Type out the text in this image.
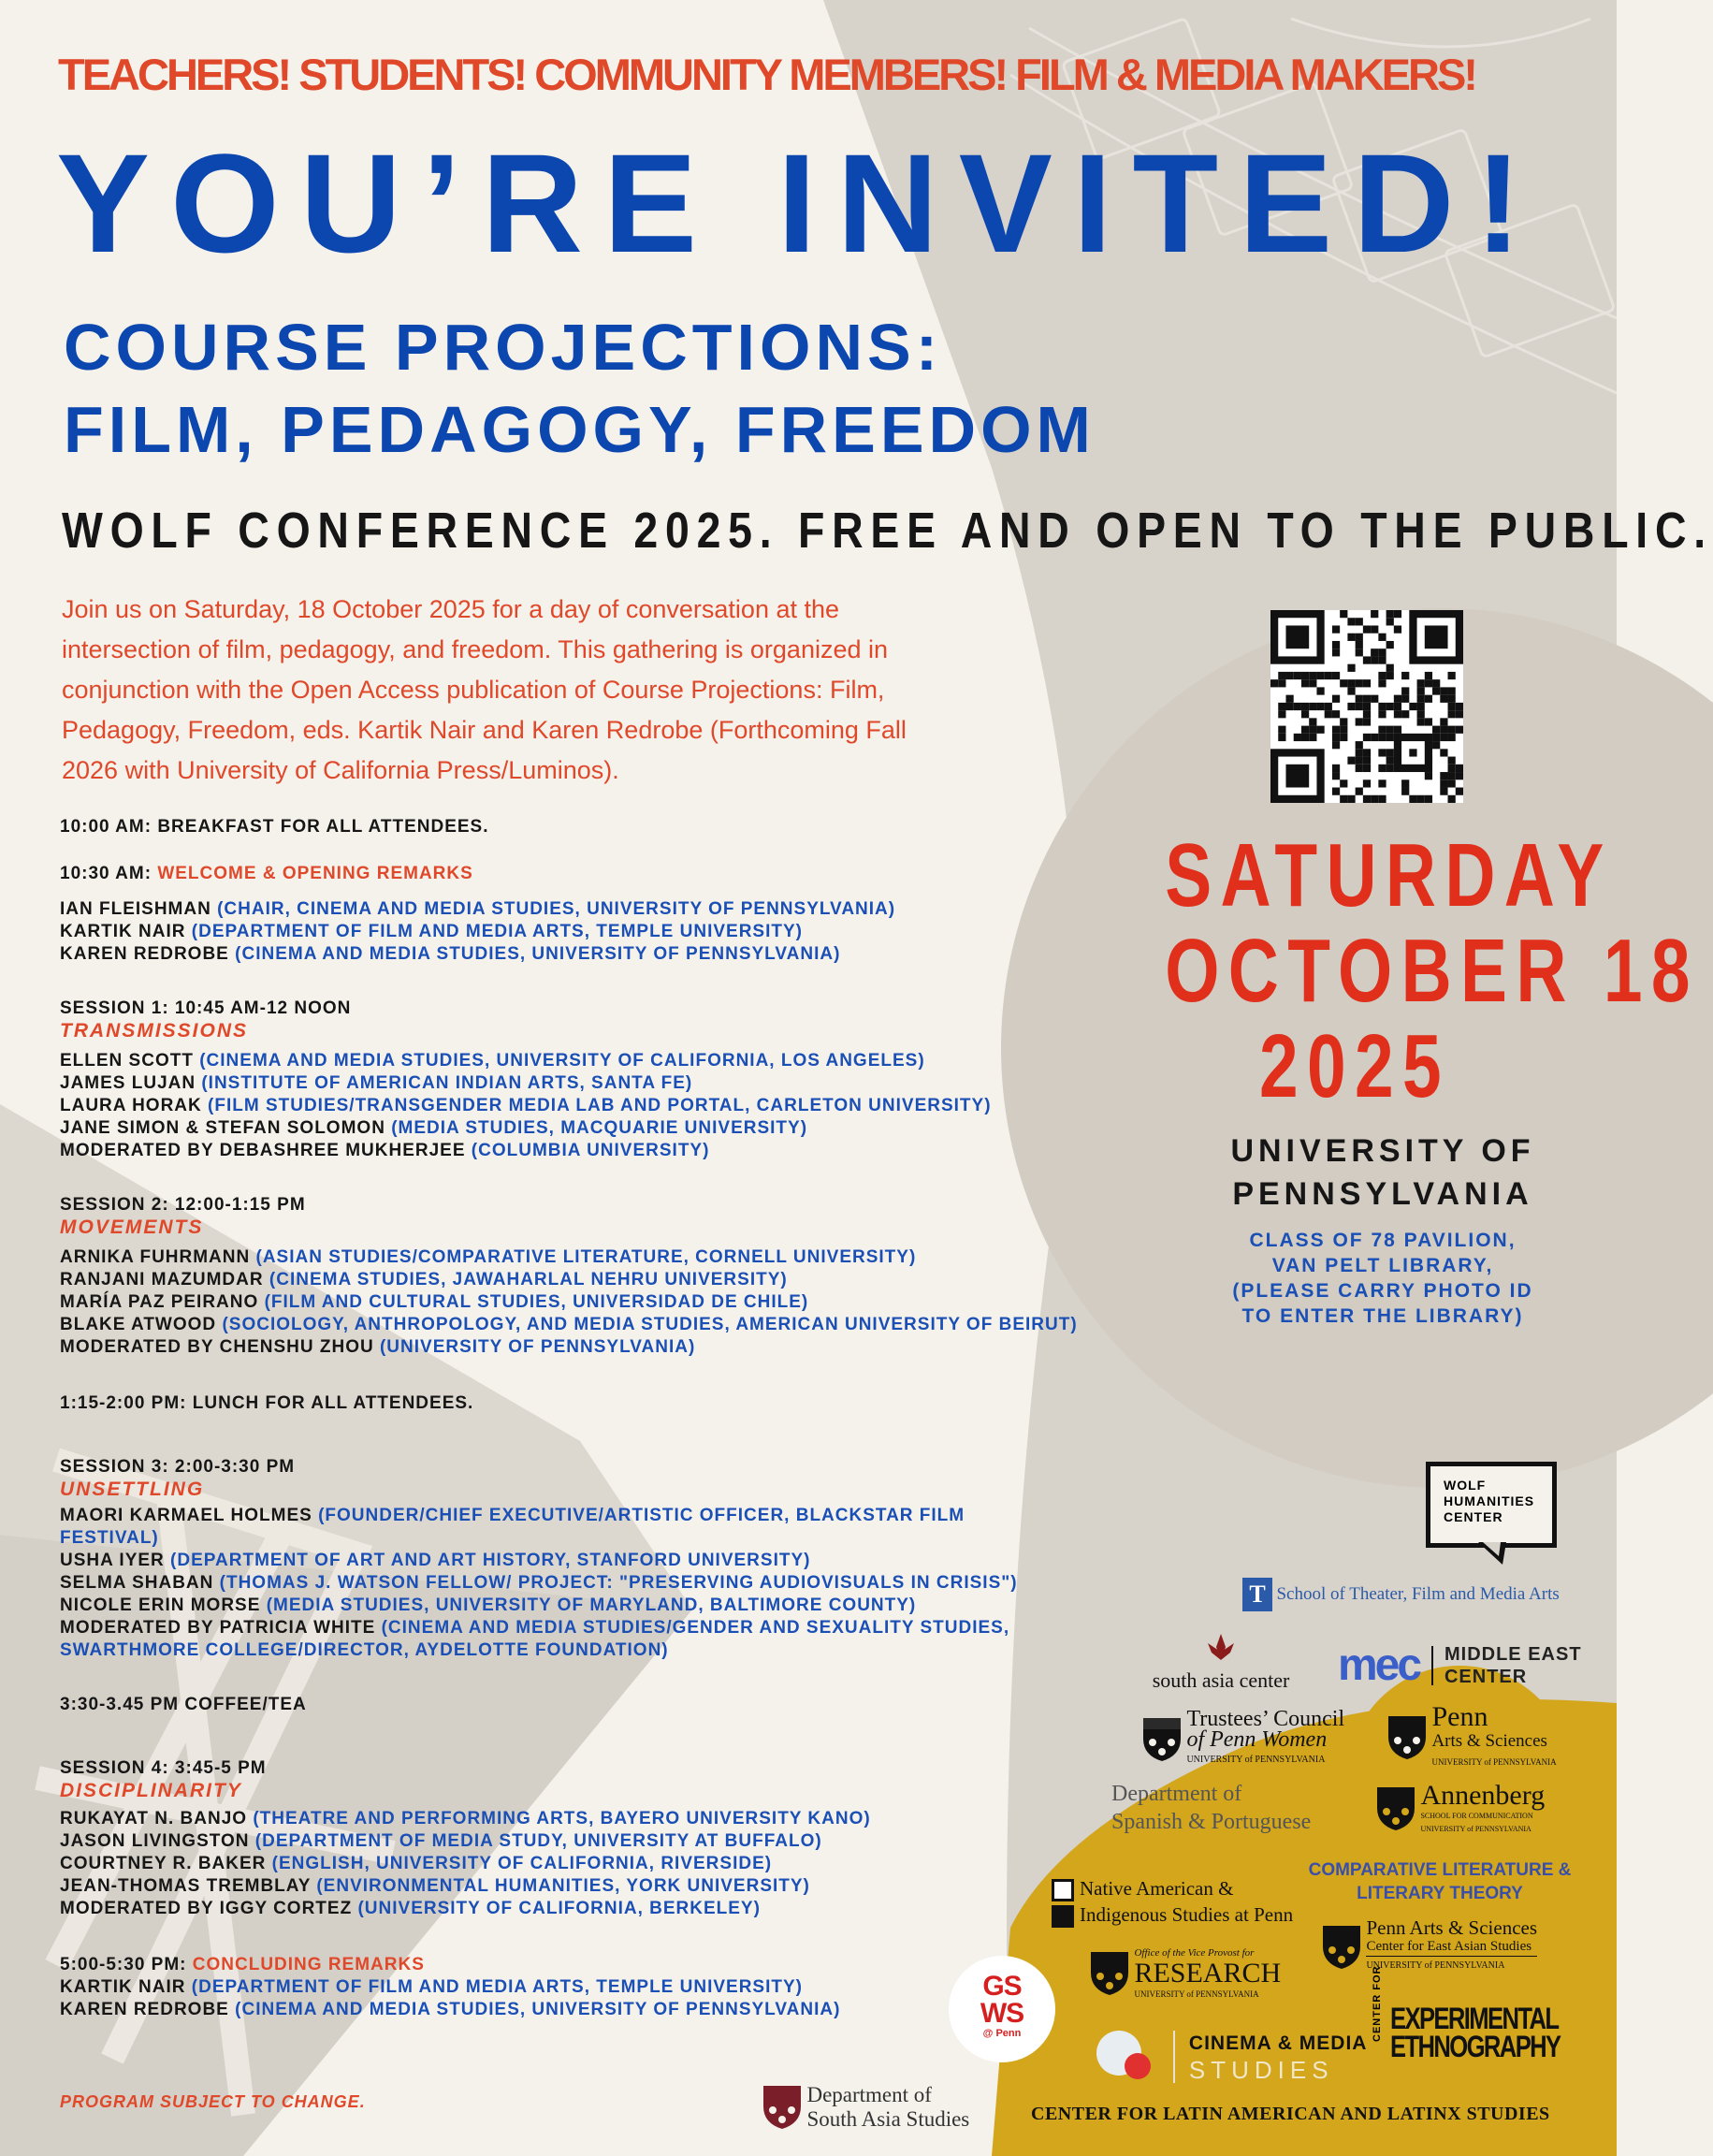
TEACHERS! STUDENTS! COMMUNITY MEMBERS! FILM & MEDIA MAKERS!
YOU’RE INVITED!
COURSE PROJECTIONS:
FILM, PEDAGOGY, FREEDOM
WOLF CONFERENCE 2025. FREE AND OPEN TO THE PUBLIC.
Join us on Saturday, 18 October 2025 for a day of conversation at the
intersection of film, pedagogy, and freedom. This gathering is organized in
conjunction with the Open Access publication of Course Projections: Film,
Pedagogy, Freedom, eds. Kartik Nair and Karen Redrobe (Forthcoming Fall
2026 with University of California Press/Luminos).
10:00 AM: BREAKFAST FOR ALL ATTENDEES.
10:30 AM: WELCOME & OPENING REMARKS
IAN FLEISHMAN (CHAIR, CINEMA AND MEDIA STUDIES, UNIVERSITY OF PENNSYLVANIA)
KARTIK NAIR (DEPARTMENT OF FILM AND MEDIA ARTS, TEMPLE UNIVERSITY)
KAREN REDROBE (CINEMA AND MEDIA STUDIES, UNIVERSITY OF PENNSYLVANIA)
SESSION 1: 10:45 AM-12 NOON
TRANSMISSIONS
ELLEN SCOTT (CINEMA AND MEDIA STUDIES, UNIVERSITY OF CALIFORNIA, LOS ANGELES)
JAMES LUJAN (INSTITUTE OF AMERICAN INDIAN ARTS, SANTA FE)
LAURA HORAK (FILM STUDIES/TRANSGENDER MEDIA LAB AND PORTAL, CARLETON UNIVERSITY)
JANE SIMON & STEFAN SOLOMON (MEDIA STUDIES, MACQUARIE UNIVERSITY)
MODERATED BY DEBASHREE MUKHERJEE (COLUMBIA UNIVERSITY)
SESSION 2: 12:00-1:15 PM
MOVEMENTS
ARNIKA FUHRMANN (ASIAN STUDIES/COMPARATIVE LITERATURE, CORNELL UNIVERSITY)
RANJANI MAZUMDAR (CINEMA STUDIES, JAWAHARLAL NEHRU UNIVERSITY)
MARÍA PAZ PEIRANO (FILM AND CULTURAL STUDIES, UNIVERSIDAD DE CHILE)
BLAKE ATWOOD (SOCIOLOGY, ANTHROPOLOGY, AND MEDIA STUDIES, AMERICAN UNIVERSITY OF BEIRUT)
MODERATED BY CHENSHU ZHOU (UNIVERSITY OF PENNSYLVANIA)
1:15-2:00 PM: LUNCH FOR ALL ATTENDEES.
SESSION 3: 2:00-3:30 PM
UNSETTLING
MAORI KARMAEL HOLMES (FOUNDER/CHIEF EXECUTIVE/ARTISTIC OFFICER, BLACKSTAR FILM
FESTIVAL)
USHA IYER (DEPARTMENT OF ART AND ART HISTORY, STANFORD UNIVERSITY)
SELMA SHABAN (THOMAS J. WATSON FELLOW/ PROJECT: "PRESERVING AUDIOVISUALS IN CRISIS")
NICOLE ERIN MORSE (MEDIA STUDIES, UNIVERSITY OF MARYLAND, BALTIMORE COUNTY)
MODERATED BY PATRICIA WHITE (CINEMA AND MEDIA STUDIES/GENDER AND SEXUALITY STUDIES,
SWARTHMORE COLLEGE/DIRECTOR, AYDELOTTE FOUNDATION)
3:30-3.45 PM COFFEE/TEA
SESSION 4: 3:45-5 PM
DISCIPLINARITY
RUKAYAT N. BANJO (THEATRE AND PERFORMING ARTS, BAYERO UNIVERSITY KANO)
JASON LIVINGSTON (DEPARTMENT OF MEDIA STUDY, UNIVERSITY AT BUFFALO)
COURTNEY R. BAKER (ENGLISH, UNIVERSITY OF CALIFORNIA, RIVERSIDE)
JEAN-THOMAS TREMBLAY (ENVIRONMENTAL HUMANITIES, YORK UNIVERSITY)
MODERATED BY IGGY CORTEZ (UNIVERSITY OF CALIFORNIA, BERKELEY)
5:00-5:30 PM: CONCLUDING REMARKS
KARTIK NAIR (DEPARTMENT OF FILM AND MEDIA ARTS, TEMPLE UNIVERSITY)
KAREN REDROBE (CINEMA AND MEDIA STUDIES, UNIVERSITY OF PENNSYLVANIA)
PROGRAM SUBJECT TO CHANGE.
SATURDAY
OCTOBER 18
2025
UNIVERSITY OF
PENNSYLVANIA
CLASS OF 78 PAVILION,
VAN PELT LIBRARY,
(PLEASE CARRY PHOTO ID
TO ENTER THE LIBRARY)
WOLF
HUMANITIES
CENTER
T School of Theater, Film and Media Arts
south asia center	mec MIDDLE EAST
CENTER

Trustees’ Council
of Penn Women
UNIVERSITY of PENNSYLVANIA

Penn
Arts & Sciences
UNIVERSITY of PENNSYLVANIA
Department of
Spanish & Portuguese

Annenberg
SCHOOL FOR COMMUNICATION
UNIVERSITY of PENNSYLVANIA
Native American &
Indigenous Studies at Penn
COMPARATIVE LITERATURE &
LITERARY THEORY

Penn Arts & Sciences
Center for East Asian Studies
UNIVERSITY of PENNSYLVANIA
GS
WS
@ Penn

Office of the Vice Provost for
RESEARCH
UNIVERSITY of PENNSYLVANIA

CINEMA & MEDIA
STUDIES
CENTER FOR EXPERIMENTAL
ETHNOGRAPHY

Department of
South Asia Studies	CENTER FOR LATIN AMERICAN AND LATINX STUDIES
